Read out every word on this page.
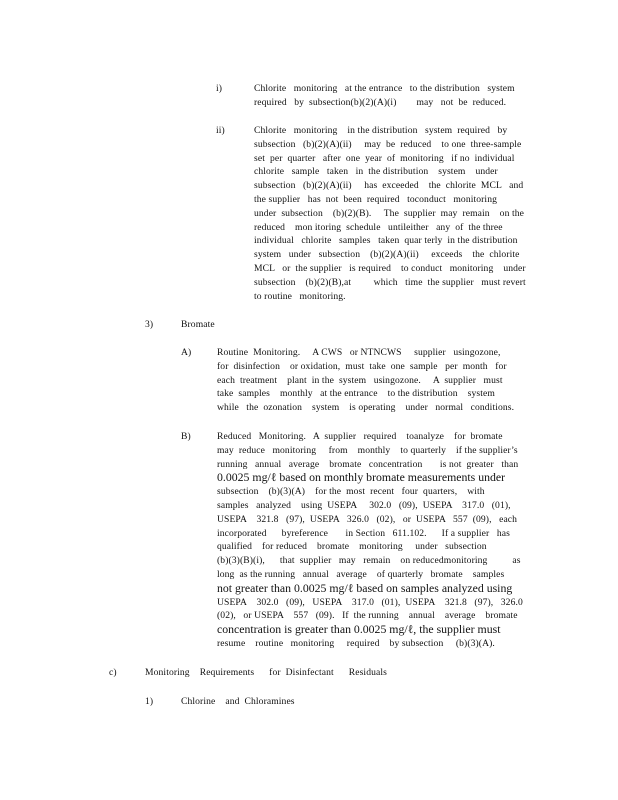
i)	Chlorite   monitoring   at the entrance   to the distribution   system
required   by  subsection(b)(2)(A)(i)        may   not  be  reduced.
ii)	Chlorite   monitoring    in the distribution   system  required   by
subsection   (b)(2)(A)(ii)     may  be  reduced    to one  three-sample
set  per  quarter   after  one  year  of  monitoring   if no  individual
chlorite   sample   taken   in  the distribution    system    under
subsection   (b)(2)(A)(ii)     has  exceeded    the  chlorite  MCL   and
the supplier   has  not  been  required   toconduct   monitoring
under  subsection    (b)(2)(B).     The  supplier  may  remain    on the
reduced    mon itoring  schedule   untileither   any  of  the three
individual   chlorite   samples   taken  quar terly  in the distribution
system   under   subsection    (b)(2)(A)(ii)     exceeds    the  chlorite
MCL   or  the supplier   is required    to conduct   monitoring    under
subsection    (b)(2)(B),at         which   time  the supplier   must revert
to routine   monitoring.
3)	Bromate
A)	Routine  Monitoring.     A CWS   or NTNCWS     supplier   usingozone,
for  disinfection    or oxidation,  must  take  one  sample   per  month   for
each  treatment    plant  in the  system   usingozone.     A  supplier   must
take  samples    monthly   at the entrance    to the distribution    system
while   the  ozonation    system    is operating    under   normal   conditions.
B)	Reduced   Monitoring.   A  supplier   required    toanalyze    for  bromate
may  reduce   monitoring     from    monthly    to quarterly    if the supplier’s
running   annual   average    bromate   concentration       is not  greater   than
0.0025 mg/ℓ based on monthly bromate measurements under
subsection    (b)(3)(A)    for the  most  recent   four  quarters,    with
samples   analyzed    using  USEPA     302.0   (09),  USEPA    317.0   (01),
USEPA    321.8   (97),  USEPA   326.0   (02),   or  USEPA   557  (09),   each
incorporated      byreference       in Section   611.102.      If a supplier   has
qualified    for reduced    bromate    monitoring     under   subsection
(b)(3)(B)(i),      that  supplier   may   remain    on reducedmonitoring          as
long  as the running   annual   average    of quarterly   bromate    samples
not greater than 0.0025 mg/ℓ based on samples analyzed using
USEPA    302.0   (09),   USEPA    317.0   (01),  USEPA    321.8   (97),   326.0
(02),   or USEPA    557   (09).   If  the running    annual    average    bromate
concentration is greater than 0.0025 mg/ℓ, the supplier must
resume    routine   monitoring     required    by subsection     (b)(3)(A).
c)	Monitoring    Requirements      for  Disinfectant      Residuals
1)	Chlorine    and  Chloramines
